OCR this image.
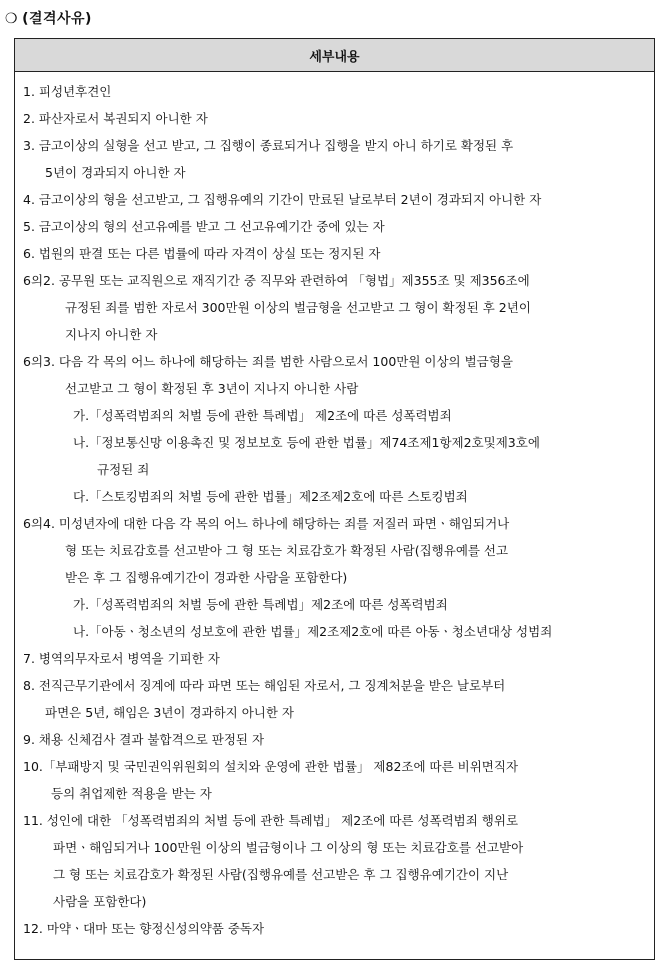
❍ (결격사유)
세부내용
1. 피성년후견인
2. 파산자로서 복권되지 아니한 자
3. 금고이상의 실형을 선고 받고, 그 집행이 종료되거나 집행을 받지 아니 하기로 확정된 후
5년이 경과되지 아니한 자
4. 금고이상의 형을 선고받고, 그 집행유예의 기간이 만료된 날로부터 2년이 경과되지 아니한 자
5. 금고이상의 형의 선고유예를 받고 그 선고유예기간 중에 있는 자
6. 법원의 판결 또는 다른 법률에 따라 자격이 상실 또는 정지된 자
6의2. 공무원 또는 교직원으로 재직기간 중 직무와 관련하여 「형법」제355조 및 제356조에
규정된 죄를 범한 자로서 300만원 이상의 벌금형을 선고받고 그 형이 확정된 후 2년이
지나지 아니한 자
6의3. 다음 각 목의 어느 하나에 해당하는 죄를 범한 사람으로서 100만원 이상의 벌금형을
선고받고 그 형이 확정된 후 3년이 지나지 아니한 사람
가.「성폭력범죄의 처벌 등에 관한 특례법」 제2조에 따른 성폭력범죄
나.「정보통신망 이용촉진 및 정보보호 등에 관한 법률」제74조제1항제2호및제3호에
규정된 죄
다.「스토킹범죄의 처벌 등에 관한 법률」제2조제2호에 따른 스토킹범죄
6의4. 미성년자에 대한 다음 각 목의 어느 하나에 해당하는 죄를 저질러 파면ㆍ해임되거나
형 또는 치료감호를 선고받아 그 형 또는 치료감호가 확정된 사람(집행유예를 선고
받은 후 그 집행유예기간이 경과한 사람을 포함한다)
가.「성폭력범죄의 처벌 등에 관한 특례법」제2조에 따른 성폭력범죄
나.「아동ㆍ청소년의 성보호에 관한 법률」제2조제2호에 따른 아동ㆍ청소년대상 성범죄
7. 병역의무자로서 병역을 기피한 자
8. 전직근무기관에서 징계에 따라 파면 또는 해임된 자로서, 그 징계처분을 받은 날로부터
파면은 5년, 해임은 3년이 경과하지 아니한 자
9. 채용 신체검사 결과 불합격으로 판정된 자
10.「부패방지 및 국민권익위원회의 설치와 운영에 관한 법률」 제82조에 따른 비위면직자
등의 취업제한 적용을 받는 자
11. 성인에 대한 「성폭력범죄의 처벌 등에 관한 특례법」 제2조에 따른 성폭력범죄 행위로
파면ㆍ해임되거나 100만원 이상의 벌금형이나 그 이상의 형 또는 치료감호를 선고받아
그 형 또는 치료감호가 확정된 사람(집행유예를 선고받은 후 그 집행유예기간이 지난
사람을 포함한다)
12. 마약ㆍ대마 또는 향정신성의약품 중독자
